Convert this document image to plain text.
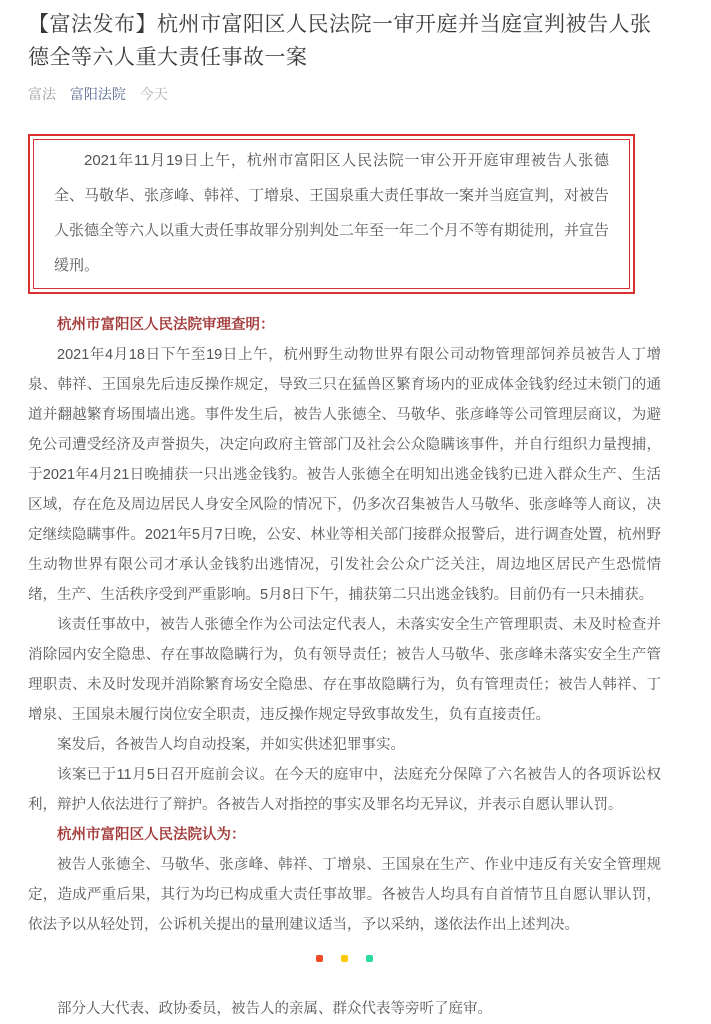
【富法发布】杭州市富阳区人民法院一审开庭并当庭宣判被告人张德全等六人重大责任事故一案
富法 富阳法院 今天

2021年11月19日上午，杭州市富阳区人民法院一审公开开庭审理被告人张德全、马敬华、张彦峰、韩祥、丁增泉、王国泉重大责任事故一案并当庭宣判，对被告人张德全等六人以重大责任事故罪分别判处二年至一年二个月不等有期徒刑，并宣告缓刑。

杭州市富阳区人民法院审理查明：

2021年4月18日下午至19日上午，杭州野生动物世界有限公司动物管理部饲养员被告人丁增泉、韩祥、王国泉先后违反操作规定，导致三只在猛兽区繁育场内的亚成体金钱豹经过未锁门的通道并翻越繁育场围墙出逃。事件发生后，被告人张德全、马敬华、张彦峰等公司管理层商议，为避免公司遭受经济及声誉损失，决定向政府主管部门及社会公众隐瞒该事件，并自行组织力量搜捕，于2021年4月21日晚捕获一只出逃金钱豹。被告人张德全在明知出逃金钱豹已进入群众生产、生活区域，存在危及周边居民人身安全风险的情况下，仍多次召集被告人马敬华、张彦峰等人商议，决定继续隐瞒事件。2021年5月7日晚，公安、林业等相关部门接群众报警后，进行调查处置，杭州野生动物世界有限公司才承认金钱豹出逃情况，引发社会公众广泛关注，周边地区居民产生恐慌情绪，生产、生活秩序受到严重影响。5月8日下午，捕获第二只出逃金钱豹。目前仍有一只未捕获。

该责任事故中，被告人张德全作为公司法定代表人，未落实安全生产管理职责、未及时检查并消除园内安全隐患、存在事故隐瞒行为，负有领导责任；被告人马敬华、张彦峰未落实安全生产管理职责、未及时发现并消除繁育场安全隐患、存在事故隐瞒行为，负有管理责任；被告人韩祥、丁增泉、王国泉未履行岗位安全职责，违反操作规定导致事故发生，负有直接责任。

案发后，各被告人均自动投案，并如实供述犯罪事实。

该案已于11月5日召开庭前会议。在今天的庭审中，法庭充分保障了六名被告人的各项诉讼权利，辩护人依法进行了辩护。各被告人对指控的事实及罪名均无异议，并表示自愿认罪认罚。

杭州市富阳区人民法院认为：

被告人张德全、马敬华、张彦峰、韩祥、丁增泉、王国泉在生产、作业中违反有关安全管理规定，造成严重后果，其行为均已构成重大责任事故罪。各被告人均具有自首情节且自愿认罪认罚，依法予以从轻处罚，公诉机关提出的量刑建议适当，予以采纳，遂依法作出上述判决。

部分人大代表、政协委员，被告人的亲属、群众代表等旁听了庭审。
